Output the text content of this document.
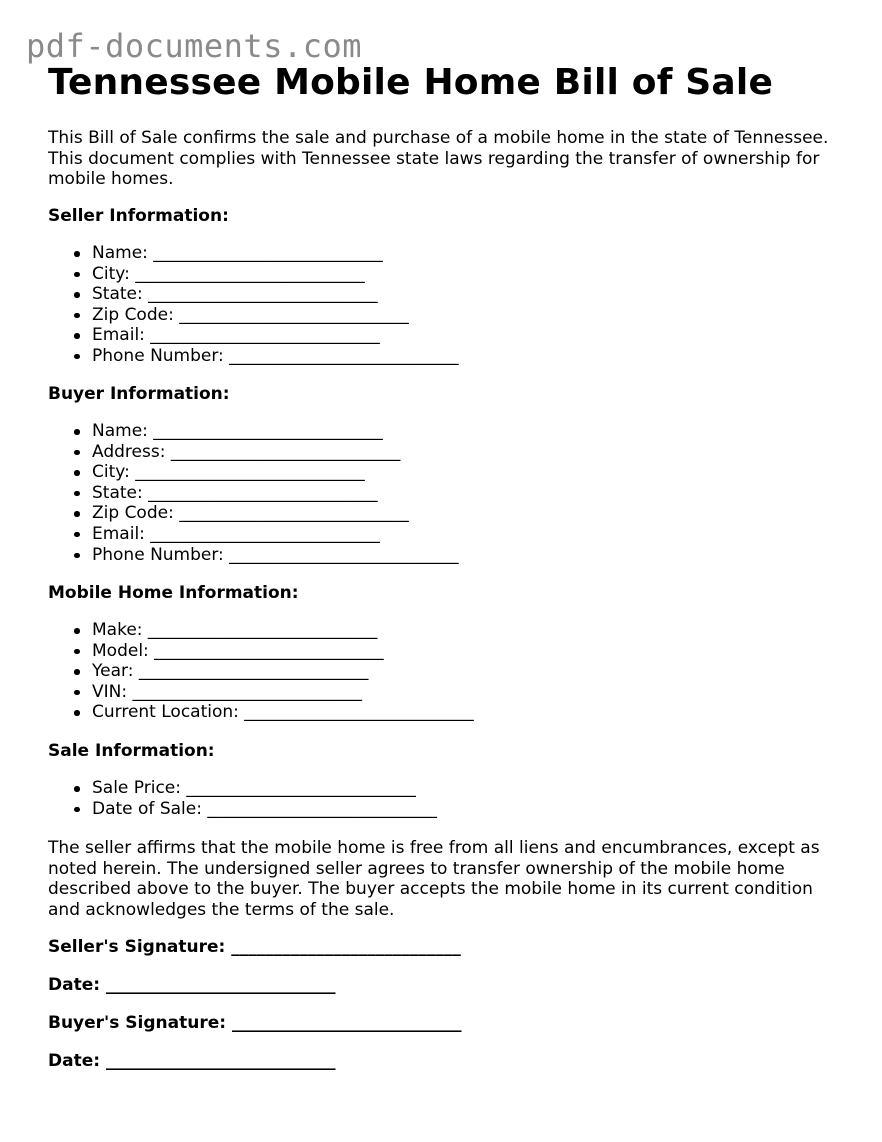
pdf-documents.com
Tennessee Mobile Home Bill of Sale

This Bill of Sale confirms the sale and purchase of a mobile home in the state of Tennessee. This document complies with Tennessee state laws regarding the transfer of ownership for mobile homes.

Seller Information:

Name: ___________________________
City: ___________________________
State: ___________________________
Zip Code: ___________________________
Email: ___________________________
Phone Number: ___________________________

Buyer Information:

Name: ___________________________
Address: ___________________________
City: ___________________________
State: ___________________________
Zip Code: ___________________________
Email: ___________________________
Phone Number: ___________________________

Mobile Home Information:

Make: ___________________________
Model: ___________________________
Year: ___________________________
VIN: ___________________________
Current Location: ___________________________

Sale Information:

Sale Price: ___________________________
Date of Sale: ___________________________

The seller affirms that the mobile home is free from all liens and encumbrances, except as noted herein. The undersigned seller agrees to transfer ownership of the mobile home described above to the buyer. The buyer accepts the mobile home in its current condition and acknowledges the terms of the sale.

Seller's Signature: ___________________________

Date: ___________________________

Buyer's Signature: ___________________________

Date: ___________________________
